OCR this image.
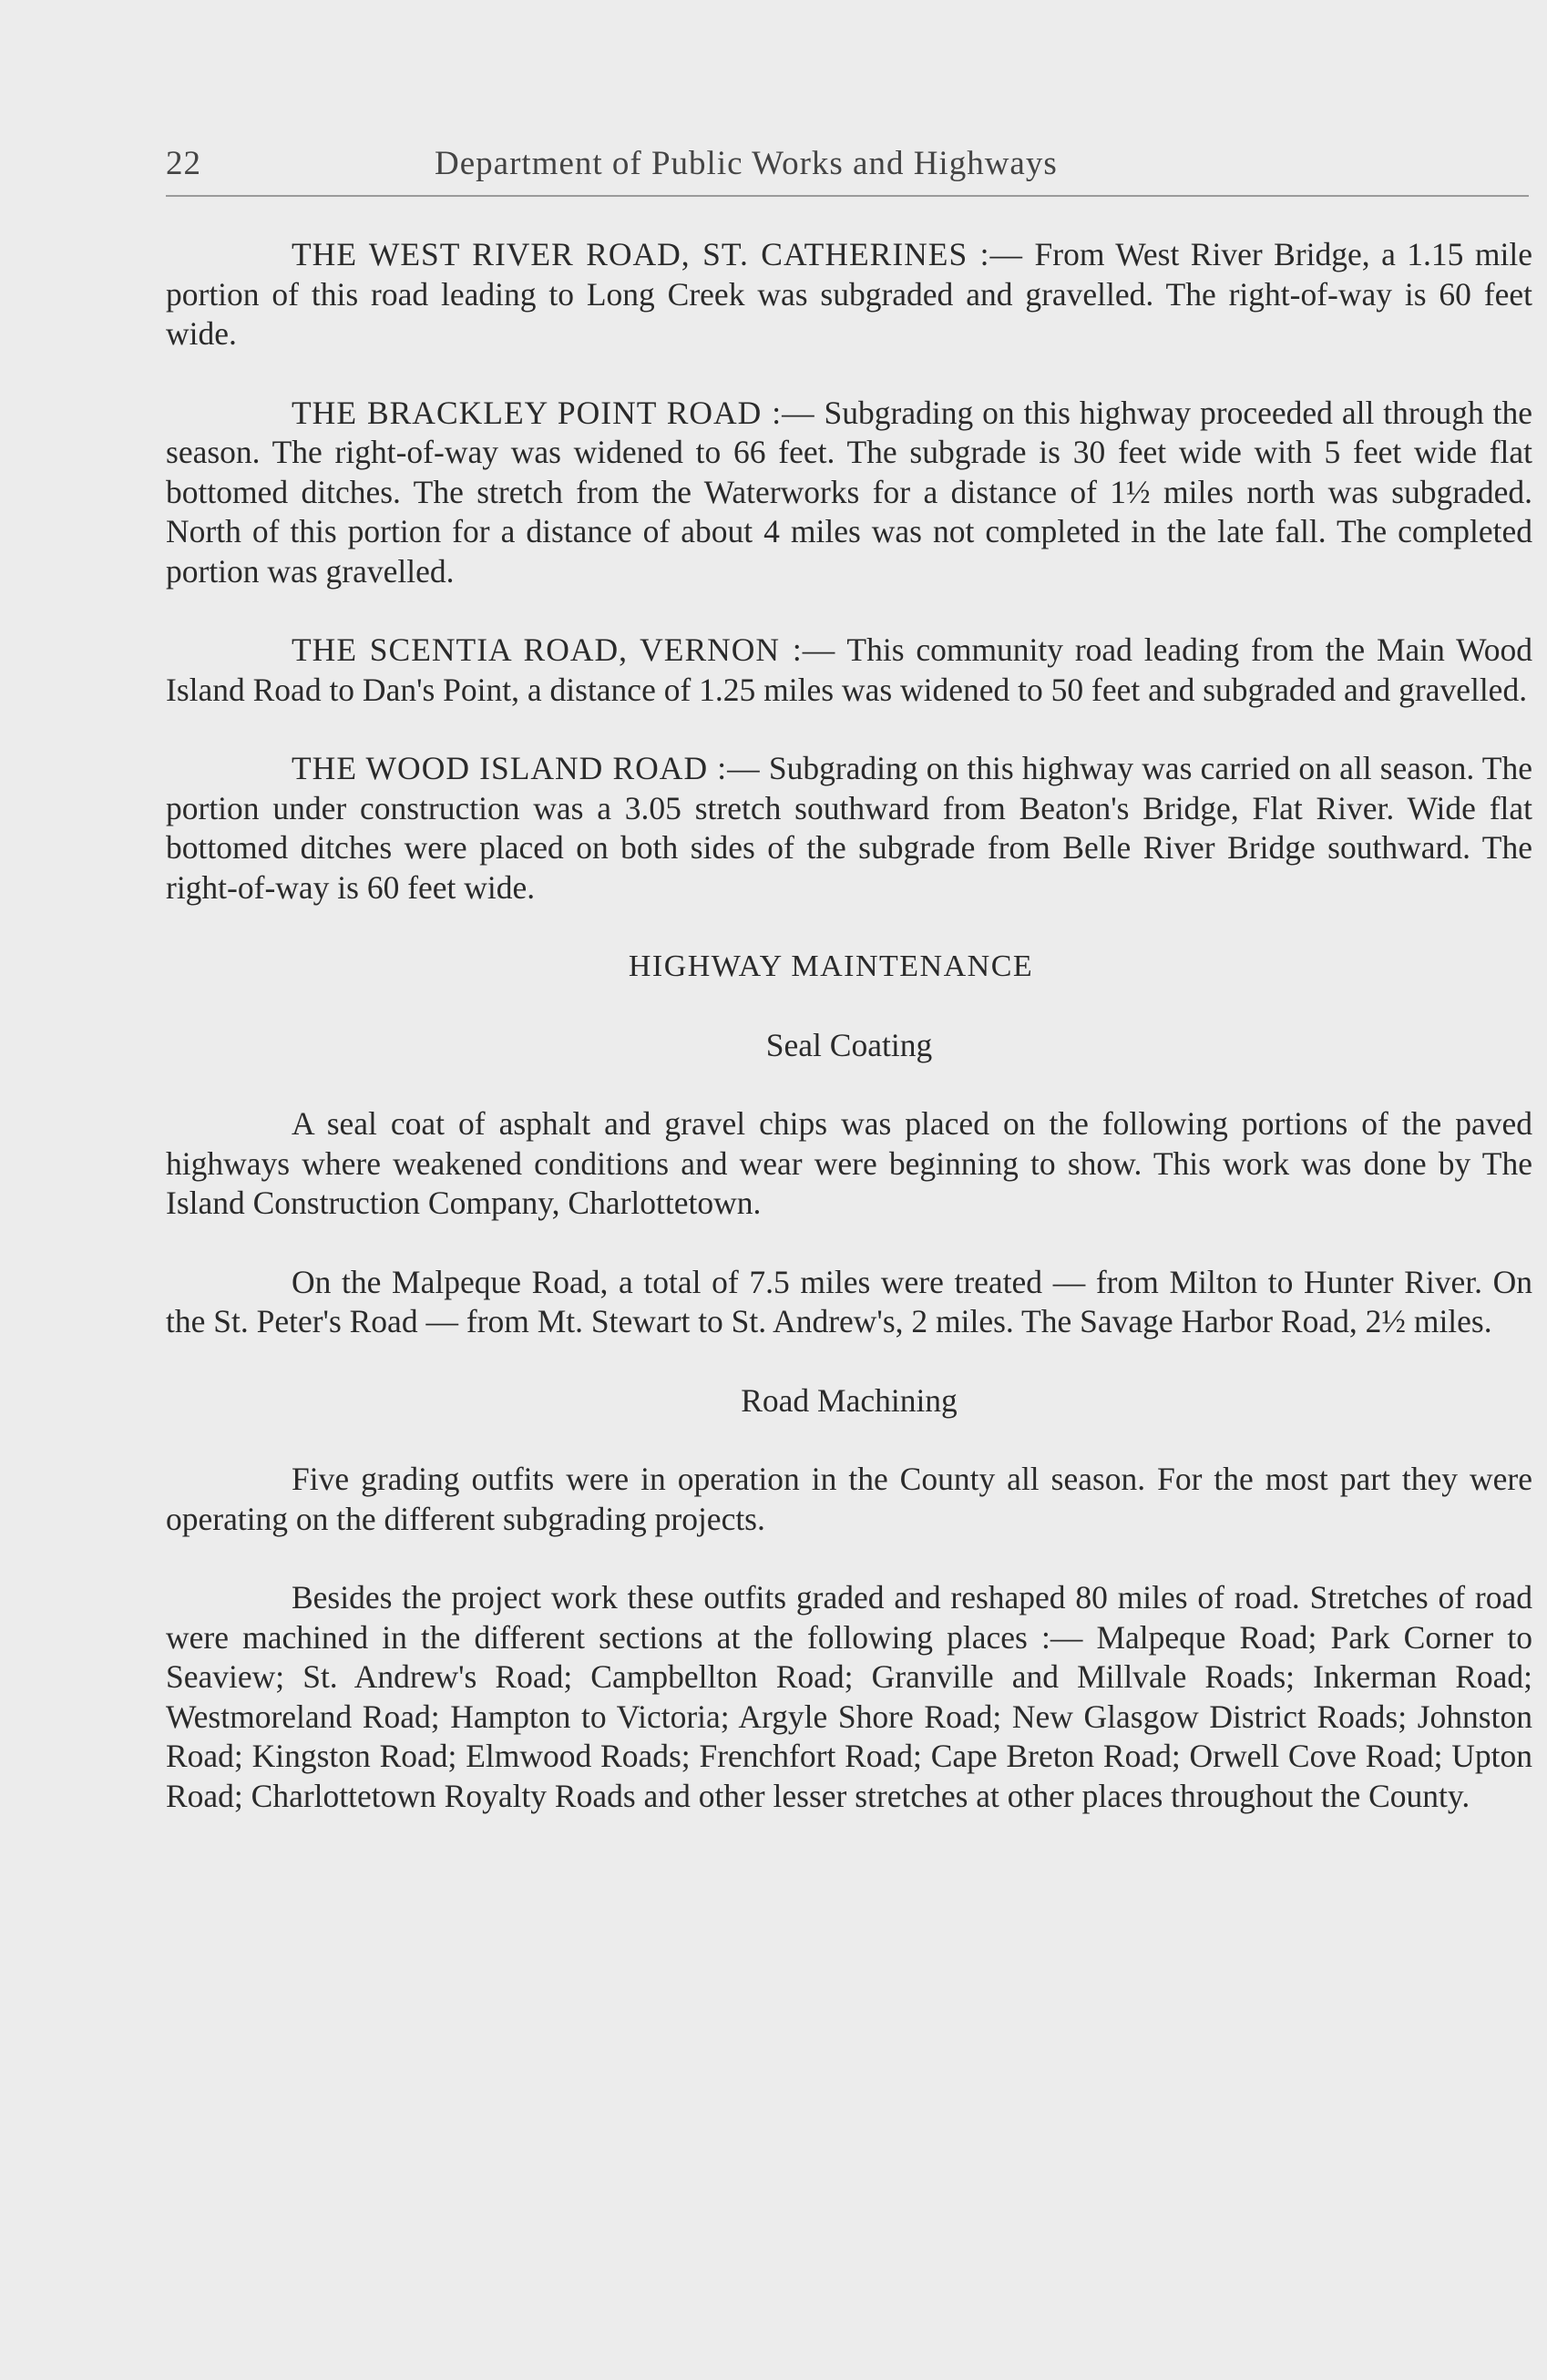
22	Department of Public Works and Highways

THE WEST RIVER ROAD, ST. CATHERINES :— From West River Bridge, a 1.15 mile portion of this road leading to Long Creek was subgraded and gravelled. The right-of-way is 60 feet wide.

THE BRACKLEY POINT ROAD :— Subgrading on this highway proceeded all through the season. The right-of-way was widened to 66 feet. The subgrade is 30 feet wide with 5 feet wide flat bottomed ditches. The stretch from the Waterworks for a distance of 1½ miles north was subgraded. North of this portion for a distance of about 4 miles was not completed in the late fall. The completed portion was gravelled.

THE SCENTIA ROAD, VERNON :— This community road leading from the Main Wood Island Road to Dan's Point, a distance of 1.25 miles was widened to 50 feet and subgraded and gravelled.

THE WOOD ISLAND ROAD :— Subgrading on this highway was carried on all season. The portion under construction was a 3.05 stretch southward from Beaton's Bridge, Flat River. Wide flat bottomed ditches were placed on both sides of the subgrade from Belle River Bridge southward. The right-of-way is 60 feet wide.

HIGHWAY MAINTENANCE

Seal Coating

A seal coat of asphalt and gravel chips was placed on the following portions of the paved highways where weakened conditions and wear were beginning to show. This work was done by The Island Construction Company, Charlottetown.

On the Malpeque Road, a total of 7.5 miles were treated — from Milton to Hunter River. On the St. Peter's Road — from Mt. Stewart to St. Andrew's, 2 miles. The Savage Harbor Road, 2½ miles.

Road Machining

Five grading outfits were in operation in the County all season. For the most part they were operating on the different subgrading projects.

Besides the project work these outfits graded and reshaped 80 miles of road. Stretches of road were machined in the different sections at the following places :— Malpeque Road; Park Corner to Seaview; St. Andrew's Road; Campbellton Road; Granville and Millvale Roads; Inkerman Road; Westmoreland Road; Hampton to Victoria; Argyle Shore Road; New Glasgow District Roads; Johnston Road; Kingston Road; Elmwood Roads; Frenchfort Road; Cape Breton Road; Orwell Cove Road; Upton Road; Charlottetown Royalty Roads and other lesser stretches at other places throughout the County.
